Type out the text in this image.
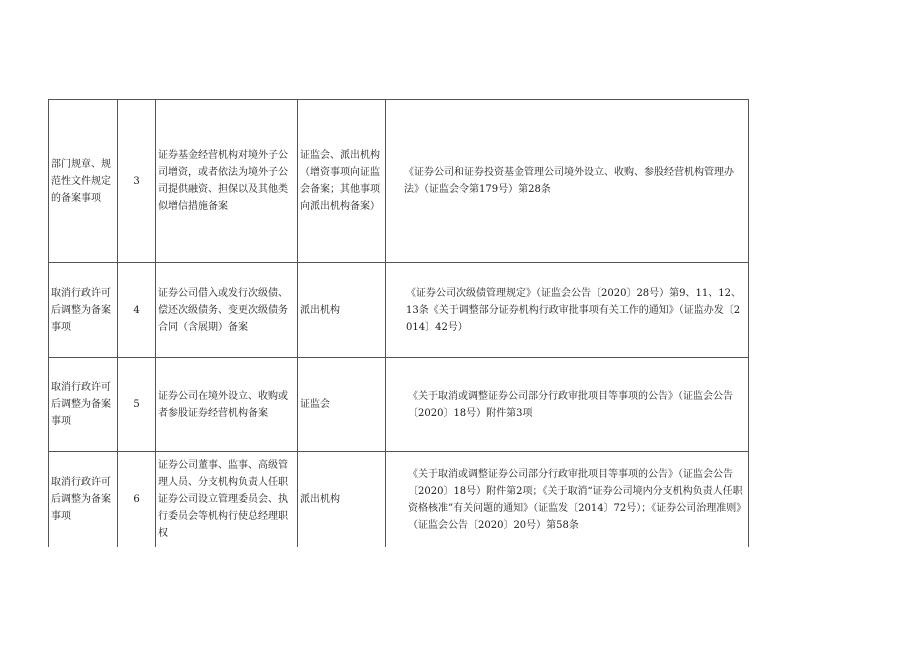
部门规章、规范性文件规定的备案事项	3	证券基金经营机构对境外子公司增资，或者依法为境外子公司提供融资、担保以及其他类似增信措施备案	证监会、派出机构（增资事项向证监会备案；其他事项向派出机构备案）	《证券公司和证券投资基金管理公司境外设立、收购、参股经营机构管理办法》（证监会令第179号）第28条
取消行政许可后调整为备案事项	4	证券公司借入或发行次级债、偿还次级债务、变更次级债务合同（含展期）备案	派出机构	《证券公司次级债管理规定》（证监会公告〔2020〕28号）第9、11、12、13条《关于调整部分证券机构行政审批事项有关工作的通知》（证监办发〔2014〕42号）
取消行政许可后调整为备案事项	5	证券公司在境外设立、收购或者参股证券经营机构备案	证监会	《关于取消或调整证券公司部分行政审批项目等事项的公告》（证监会公告〔2020〕18号）附件第3项
取消行政许可后调整为备案事项	6	证券公司董事、监事、高级管理人员、分支机构负责人任职证券公司设立管理委员会、执行委员会等机构行使总经理职权	派出机构	《关于取消或调整证券公司部分行政审批项目等事项的公告》（证监会公告〔2020〕18号）附件第2项；《关于取消“证券公司境内分支机构负责人任职资格核准”有关问题的通知》（证监发〔2014〕72号）；《证券公司治理准则》（证监会公告〔2020〕20号）第58条
